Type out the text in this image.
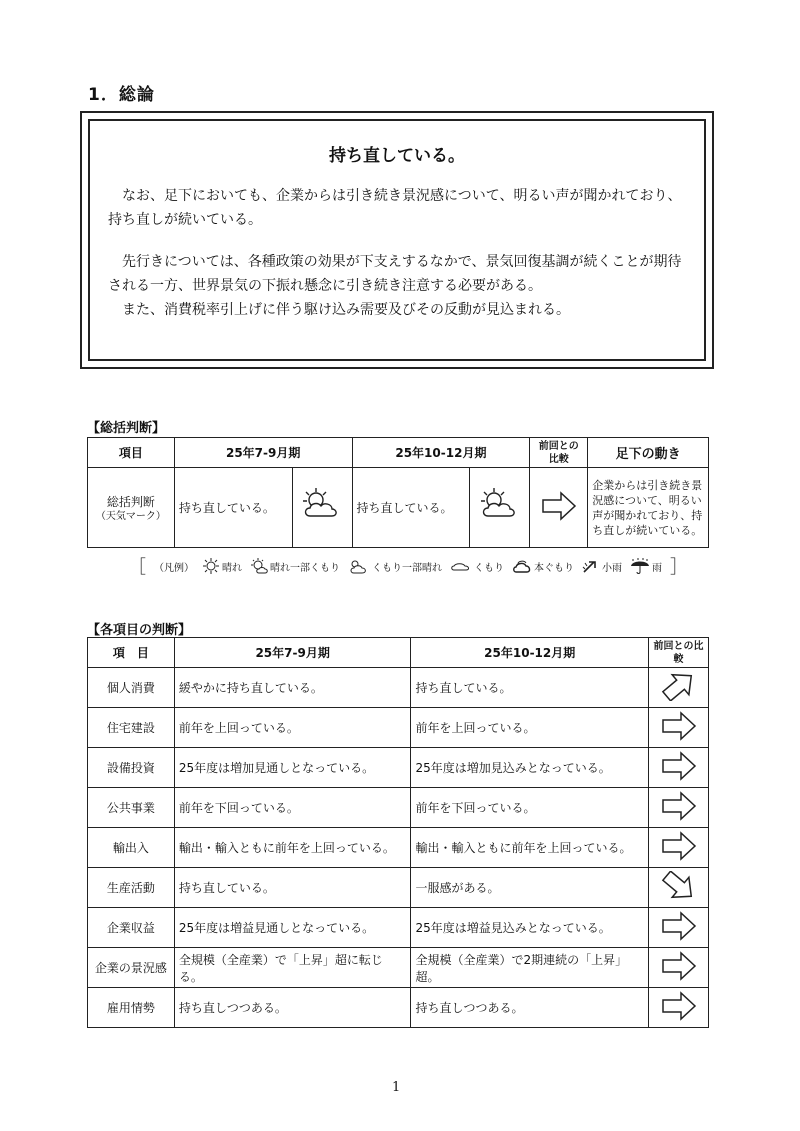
1．総論
持ち直している。

なお、足下においても、企業からは引き続き景況感について、明るい声が聞かれており、持ち直しが続いている。

先行きについては、各種政策の効果が下支えするなかで、景気回復基調が続くことが期待される一方、世界景気の下振れ懸念に引き続き注意する必要がある。

また、消費税率引上げに伴う駆け込み需要及びその反動が見込まれる。

【総括判断】
項目	25年7-9月期		25年10-12月期		前回との比較	足下の動き

総括判断
（天気マーク）	持ち直している。		持ち直している。			企業からは引き続き景況感について、明るい声が聞かれており、持ち直しが続いている。
［ （凡例）	晴れ	晴れ一部くもり	くもり一部晴れ	くもり	本ぐもり	小雨	雨 ］
【各項目の判断】
項　目	25年7-9月期	25年10-12月期	前回との比較
個人消費	緩やかに持ち直している。	持ち直している。	
住宅建設	前年を上回っている。	前年を上回っている。	
設備投資	25年度は増加見通しとなっている。	25年度は増加見込みとなっている。	
公共事業	前年を下回っている。	前年を下回っている。	
輸出入	輸出・輸入ともに前年を上回っている。	輸出・輸入ともに前年を上回っている。	
生産活動	持ち直している。	一服感がある。	
企業収益	25年度は増益見通しとなっている。	25年度は増益見込みとなっている。	
企業の景況感	全規模（全産業）で「上昇」超に転じる。	全規模（全産業）で2期連続の「上昇」超。	
雇用情勢	持ち直しつつある。	持ち直しつつある。	
1
